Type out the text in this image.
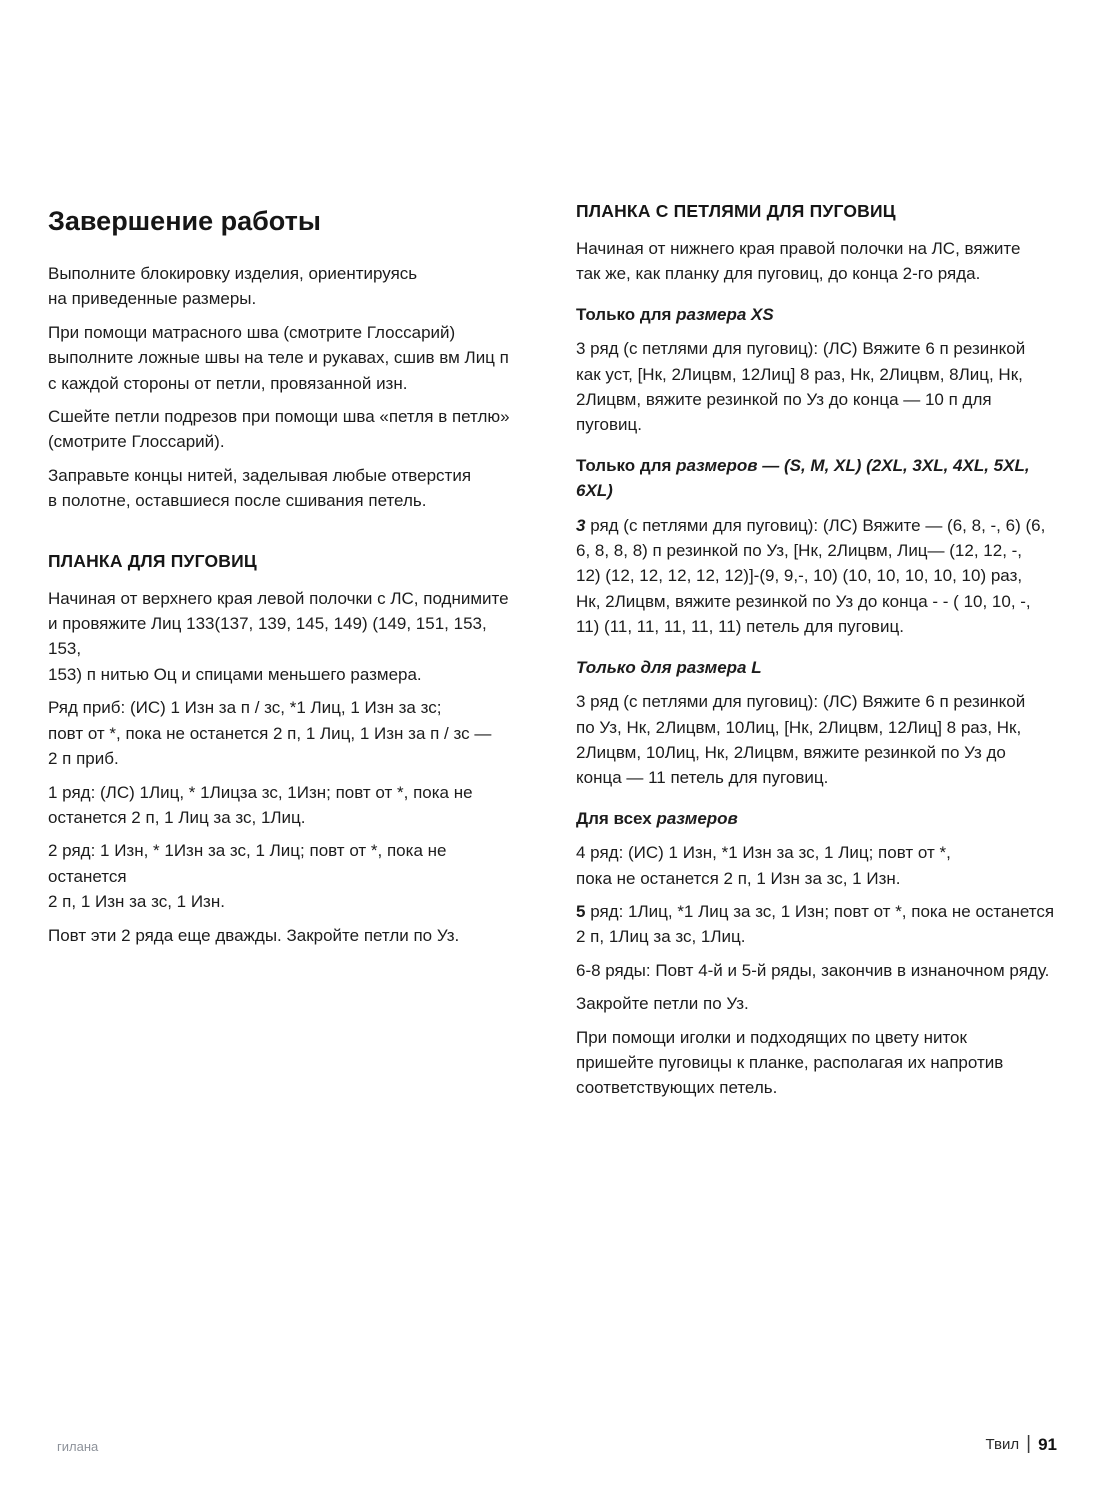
Завершение работы

Выполните блокировку изделия, ориентируясь
на приведенные размеры.

При помощи матрасного шва (смотрите Глоссарий)
выполните ложные швы на теле и рукавах, сшив вм Лиц п
с каждой стороны от петли, провязанной изн.

Сшейте петли подрезов при помощи шва «петля в петлю»
(смотрите Глоссарий).

Заправьте концы нитей, заделывая любые отверстия
в полотне, оставшиеся после сшивания петель.

ПЛАНКА ДЛЯ ПУГОВИЦ

Начиная от верхнего края левой полочки с ЛС, поднимите
и провяжите Лиц 133(137, 139, 145, 149) (149, 151, 153, 153,
153) п нитью Оц и спицами меньшего размера.

Ряд приб: (ИС) 1 Изн за п / зс, *1 Лиц, 1 Изн за зс;
повт от *, пока не останется 2 п, 1 Лиц, 1 Изн за п / зс —
2 п приб.

1 ряд: (ЛС) 1Лиц, * 1Лицза зс, 1Изн; повт от *, пока не
останется 2 п, 1 Лиц за зс, 1Лиц.

2 ряд: 1 Изн, * 1Изн за зс, 1 Лиц; повт от *, пока не останется
2 п, 1 Изн за зс, 1 Изн.

Повт эти 2 ряда еще дважды. Закройте петли по Уз.

ПЛАНКА С ПЕТЛЯМИ ДЛЯ ПУГОВИЦ

Начиная от нижнего края правой полочки на ЛС, вяжите
так же, как планку для пуговиц, до конца 2-го ряда.

Только для размера XS

3 ряд (с петлями для пуговиц): (ЛС) Вяжите 6 п резинкой
как уст, [Нк, 2Лицвм, 12Лиц] 8 раз, Нк, 2Лицвм, 8Лиц, Нк,
2Лицвм, вяжите резинкой по Уз до конца — 10 п для пуговиц.

Только для размеров — (S, M, XL) (2XL, 3XL, 4XL, 5XL,
6XL)

3 ряд (с петлями для пуговиц): (ЛС) Вяжите — (6, 8, -, 6) (6,
6, 8, 8, 8) п резинкой по Уз, [Нк, 2Лицвм, Лиц— (12, 12, -,
12) (12, 12, 12, 12, 12)]-(9, 9,-, 10) (10, 10, 10, 10, 10) раз,
Нк, 2Лицвм, вяжите резинкой по Уз до конца - - ( 10, 10, -,
11) (11, 11, 11, 11, 11) петель для пуговиц.

Только для размера L

3 ряд (с петлями для пуговиц): (ЛС) Вяжите 6 п резинкой
по Уз, Нк, 2Лицвм, 10Лиц, [Нк, 2Лицвм, 12Лиц] 8 раз, Нк,
2Лицвм, 10Лиц, Нк, 2Лицвм, вяжите резинкой по Уз до
конца — 11 петель для пуговиц.

Для всех размеров

4 ряд: (ИС) 1 Изн, *1 Изн за зс, 1 Лиц; повт от *,
пока не останется 2 п, 1 Изн за зс, 1 Изн.

5 ряд: 1Лиц, *1 Лиц за зс, 1 Изн; повт от *, пока не останется
2 п, 1Лиц за зс, 1Лиц.

6-8 ряды: Повт 4-й и 5-й ряды, закончив в изнаночном ряду.

Закройте петли по Уз.

При помощи иголки и подходящих по цвету ниток
пришейте пуговицы к планке, располагая их напротив
соответствующих петель.

гилана	Твил | 91
